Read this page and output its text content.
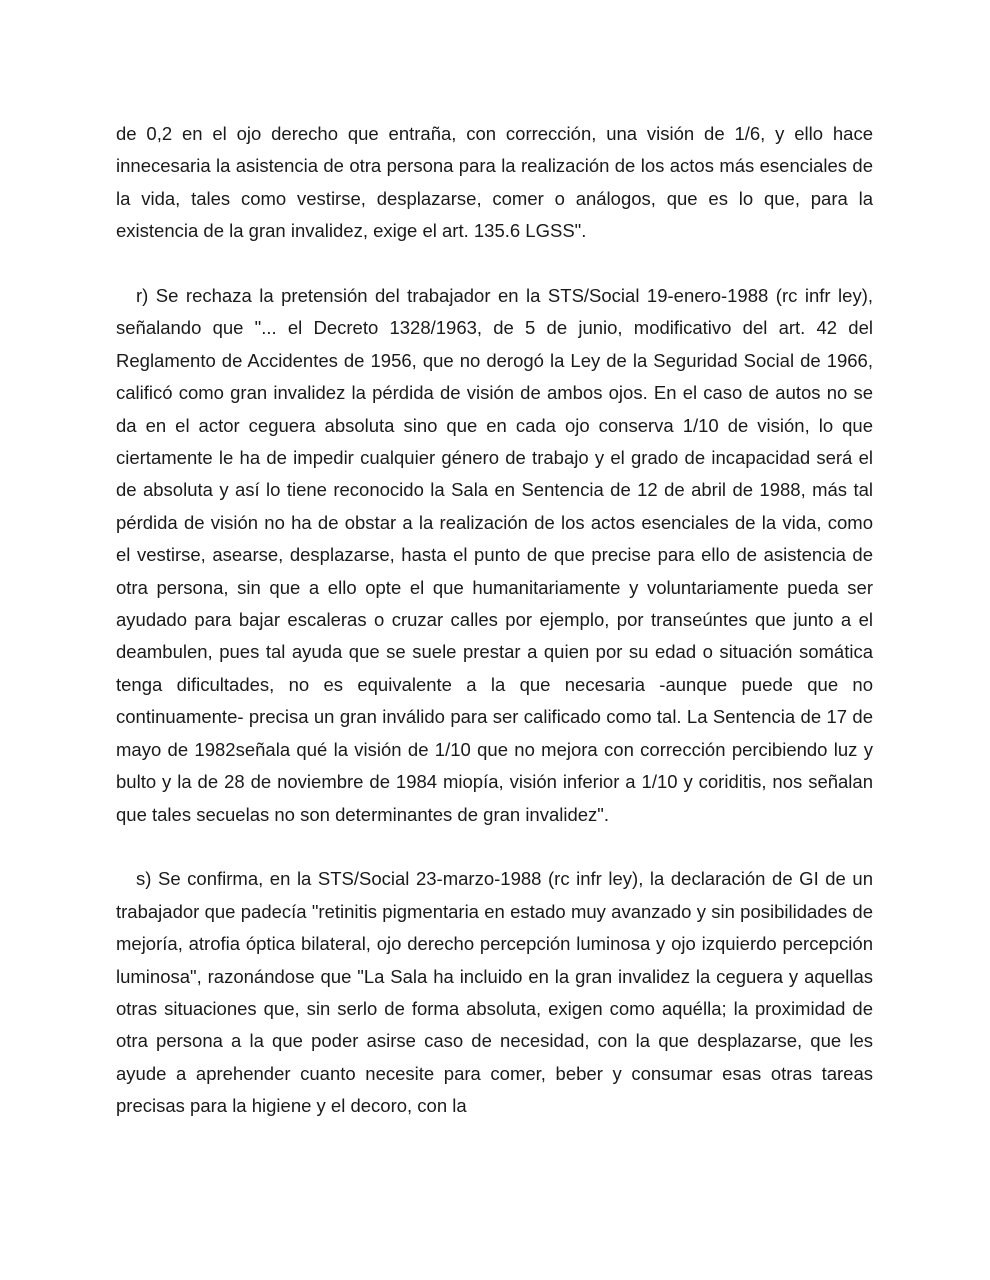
de 0,2 en el ojo derecho que entraña, con corrección, una visión de 1/6, y ello hace innecesaria la asistencia de otra persona para la realización de los actos más esenciales de la vida, tales como vestirse, desplazarse, comer o análogos, que es lo que, para la existencia de la gran invalidez, exige el art. 135.6 LGSS".

r) Se rechaza la pretensión del trabajador en la STS/Social 19-enero-1988 (rc infr ley), señalando que "... el Decreto 1328/1963, de 5 de junio, modificativo del art. 42 del Reglamento de Accidentes de 1956, que no derogó la Ley de la Seguridad Social de 1966, calificó como gran invalidez la pérdida de visión de ambos ojos. En el caso de autos no se da en el actor ceguera absoluta sino que en cada ojo conserva 1/10 de visión, lo que ciertamente le ha de impedir cualquier género de trabajo y el grado de incapacidad será el de absoluta y así lo tiene reconocido la Sala en Sentencia de 12 de abril de 1988, más tal pérdida de visión no ha de obstar a la realización de los actos esenciales de la vida, como el vestirse, asearse, desplazarse, hasta el punto de que precise para ello de asistencia de otra persona, sin que a ello opte el que humanitariamente y voluntariamente pueda ser ayudado para bajar escaleras o cruzar calles por ejemplo, por transeúntes que junto a el deambulen, pues tal ayuda que se suele prestar a quien por su edad o situación somática tenga dificultades, no es equivalente a la que necesaria -aunque puede que no continuamente- precisa un gran inválido para ser calificado como tal. La Sentencia de 17 de mayo de 1982señala qué la visión de 1/10 que no mejora con corrección percibiendo luz y bulto y la de 28 de noviembre de 1984 miopía, visión inferior a 1/10 y coriditis, nos señalan que tales secuelas no son determinantes de gran invalidez".

s) Se confirma, en la STS/Social 23-marzo-1988 (rc infr ley), la declaración de GI de un trabajador que padecía "retinitis pigmentaria en estado muy avanzado y sin posibilidades de mejoría, atrofia óptica bilateral, ojo derecho percepción luminosa y ojo izquierdo percepción luminosa", razonándose que "La Sala ha incluido en la gran invalidez la ceguera y aquellas otras situaciones que, sin serlo de forma absoluta, exigen como aquélla; la proximidad de otra persona a la que poder asirse caso de necesidad, con la que desplazarse, que les ayude a aprehender cuanto necesite para comer, beber y consumar esas otras tareas precisas para la higiene y el decoro, con la
